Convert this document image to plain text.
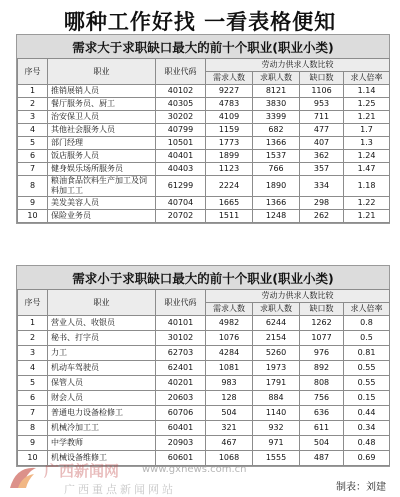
哪种工作好找 一看表格便知
需求大于求职缺口最大的前十个职业(职业小类)
序号	职业	职业代码	劳动力供求人数比较			
			需求人数	求职人数	缺口数	求人倍率
1	推销展销人员	40102	9227	8121	1106	1.14
2	餐厅服务员、厨工	40305	4783	3830	953	1.25
3	治安保卫人员	30202	4109	3399	711	1.21
4	其他社会服务人员	40799	1159	682	477	1.7
5	部门经理	10501	1773	1366	407	1.3
6	饭店服务人员	40401	1899	1537	362	1.24
7	健身娱乐场所服务员	40403	1123	766	357	1.47
8	粮油食品饮料生产加工及饲料加工工	61299	2224	1890	334	1.18
9	美发美容人员	40704	1665	1366	298	1.22
10	保险业务员	20702	1511	1248	262	1.21
需求小于求职缺口最大的前十个职业(职业小类)
序号	职业	职业代码	劳动力供求人数比较			
			需求人数	求职人数	缺口数	求人倍率
1	营业人员、收银员	40101	4982	6244	1262	0.8
2	秘书、打字员	30102	1076	2154	1077	0.5
3	力工	62703	4284	5260	976	0.81
4	机动车驾驶员	62401	1081	1973	892	0.55
5	保管人员	40201	983	1791	808	0.55
6	财会人员	20603	128	884	756	0.15
7	普通电力设备检修工	60706	504	1140	636	0.44
8	机械冷加工工	60401	321	932	611	0.34
9	中学教师	20903	467	971	504	0.48
10	机械设备维修工	60601	1068	1555	487	0.69
广西新闻网 www.gxnews.com.cn
广西重点新闻网站	制表：刘建
